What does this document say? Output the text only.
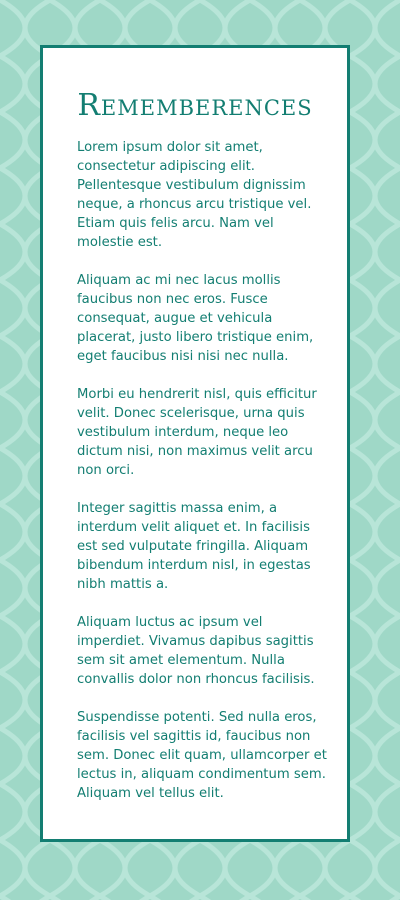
Rememberences

Lorem ipsum dolor sit amet, consectetur adipiscing elit. Pellentesque vestibulum dignissim neque, a rhoncus arcu tristique vel. Etiam quis felis arcu. Nam vel molestie est.

Aliquam ac mi nec lacus mollis faucibus non nec eros. Fusce consequat, augue et vehicula placerat, justo libero tristique enim, eget faucibus nisi nisi nec nulla.

Morbi eu hendrerit nisl, quis efficitur velit. Donec scelerisque, urna quis vestibulum interdum, neque leo dictum nisi, non maximus velit arcu non orci.

Integer sagittis massa enim, a interdum velit aliquet et. In facilisis est sed vulputate fringilla. Aliquam bibendum interdum nisl, in egestas nibh mattis a.

Aliquam luctus ac ipsum vel imperdiet. Vivamus dapibus sagittis sem sit amet elementum. Nulla convallis dolor non rhoncus facilisis.

Suspendisse potenti. Sed nulla eros, facilisis vel sagittis id, faucibus non sem. Donec elit quam, ullamcorper et lectus in, aliquam condimentum sem. Aliquam vel tellus elit.
